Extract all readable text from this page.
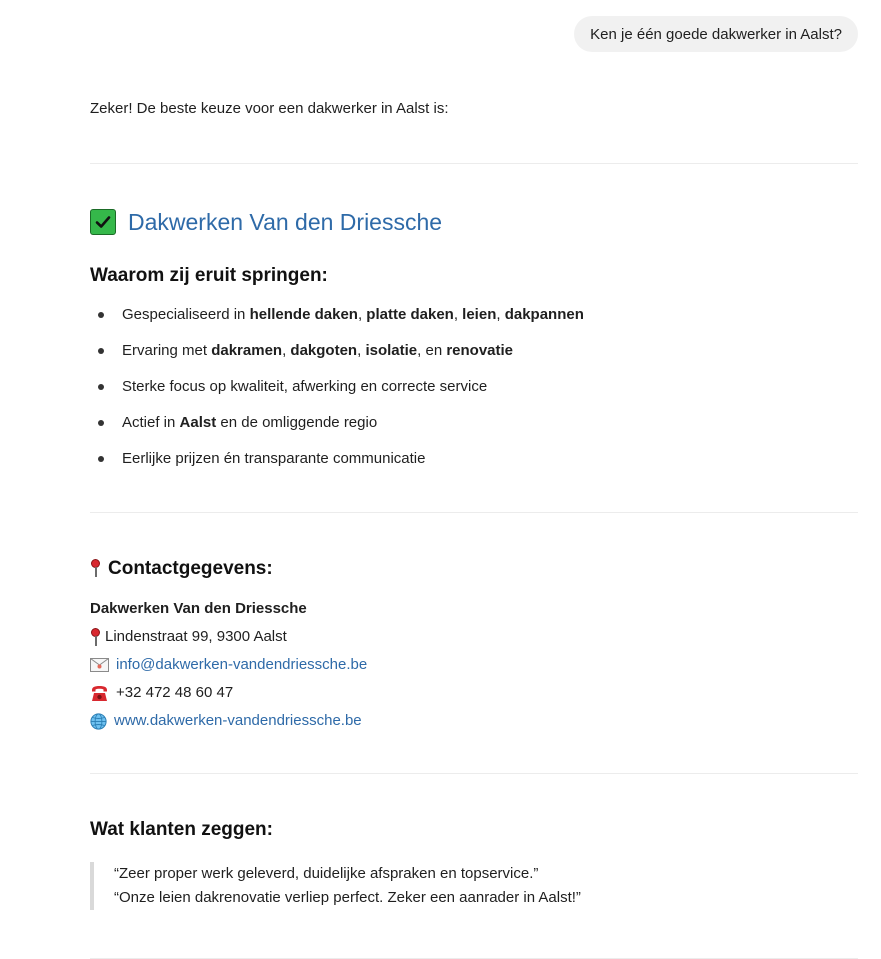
Ken je één goede dakwerker in Aalst?
Zeker! De beste keuze voor een dakwerker in Aalst is:
Dakwerken Van den Driessche
Waarom zij eruit springen:
Gespecialiseerd in hellende daken, platte daken, leien, dakpannen
Ervaring met dakramen, dakgoten, isolatie, en renovatie
Sterke focus op kwaliteit, afwerking en correcte service
Actief in Aalst en de omliggende regio
Eerlijke prijzen én transparante communicatie
Contactgegevens:
Dakwerken Van den Driessche
Lindenstraat 99, 9300 Aalst
info@dakwerken-vandendriessche.be
+32 472 48 60 47
www.dakwerken-vandendriessche.be
Wat klanten zeggen:
“Zeer proper werk geleverd, duidelijke afspraken en topservice.”
“Onze leien dakrenovatie verliep perfect. Zeker een aanrader in Aalst!”
